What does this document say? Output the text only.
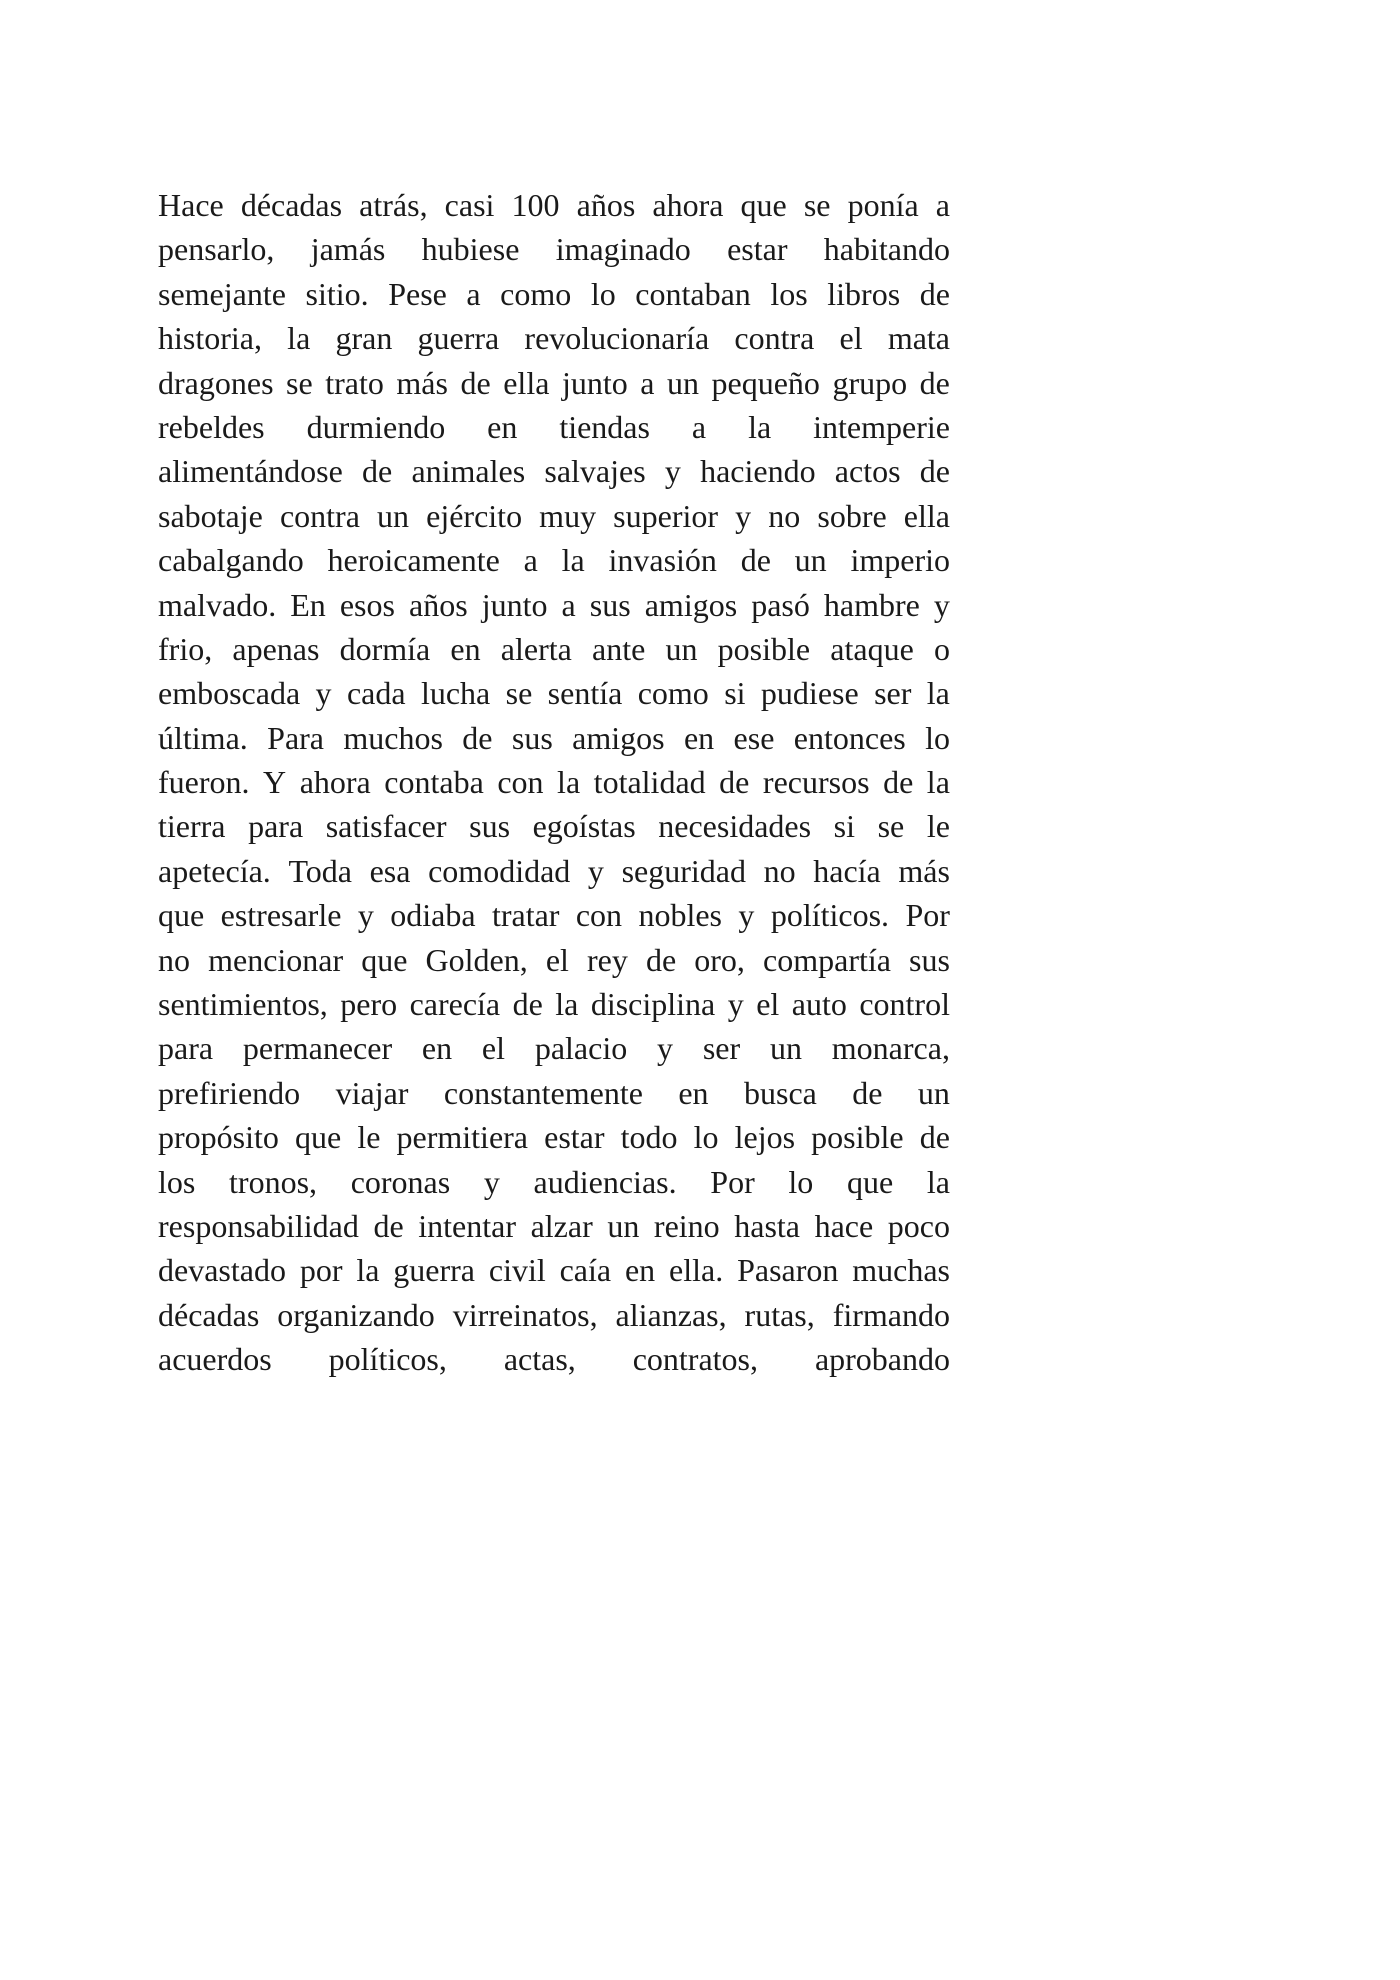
Hace décadas atrás, casi 100 años ahora que se ponía a
pensarlo, jamás hubiese imaginado estar habitando
semejante sitio. Pese a como lo contaban los libros de
historia, la gran guerra revolucionaría contra el mata
dragones se trato más de ella junto a un pequeño grupo de
rebeldes durmiendo en tiendas a la intemperie
alimentándose de animales salvajes y haciendo actos de
sabotaje contra un ejército muy superior y no sobre ella
cabalgando heroicamente a la invasión de un imperio
malvado. En esos años junto a sus amigos pasó hambre y
frio, apenas dormía en alerta ante un posible ataque o
emboscada y cada lucha se sentía como si pudiese ser la
última. Para muchos de sus amigos en ese entonces lo
fueron. Y ahora contaba con la totalidad de recursos de la
tierra para satisfacer sus egoístas necesidades si se le
apetecía. Toda esa comodidad y seguridad no hacía más
que estresarle y odiaba tratar con nobles y políticos. Por
no mencionar que Golden, el rey de oro, compartía sus
sentimientos, pero carecía de la disciplina y el auto control
para permanecer en el palacio y ser un monarca,
prefiriendo viajar constantemente en busca de un
propósito que le permitiera estar todo lo lejos posible de
los tronos, coronas y audiencias. Por lo que la
responsabilidad de intentar alzar un reino hasta hace poco
devastado por la guerra civil caía en ella. Pasaron muchas
décadas organizando virreinatos, alianzas, rutas, firmando
acuerdos políticos, actas, contratos, aprobando
